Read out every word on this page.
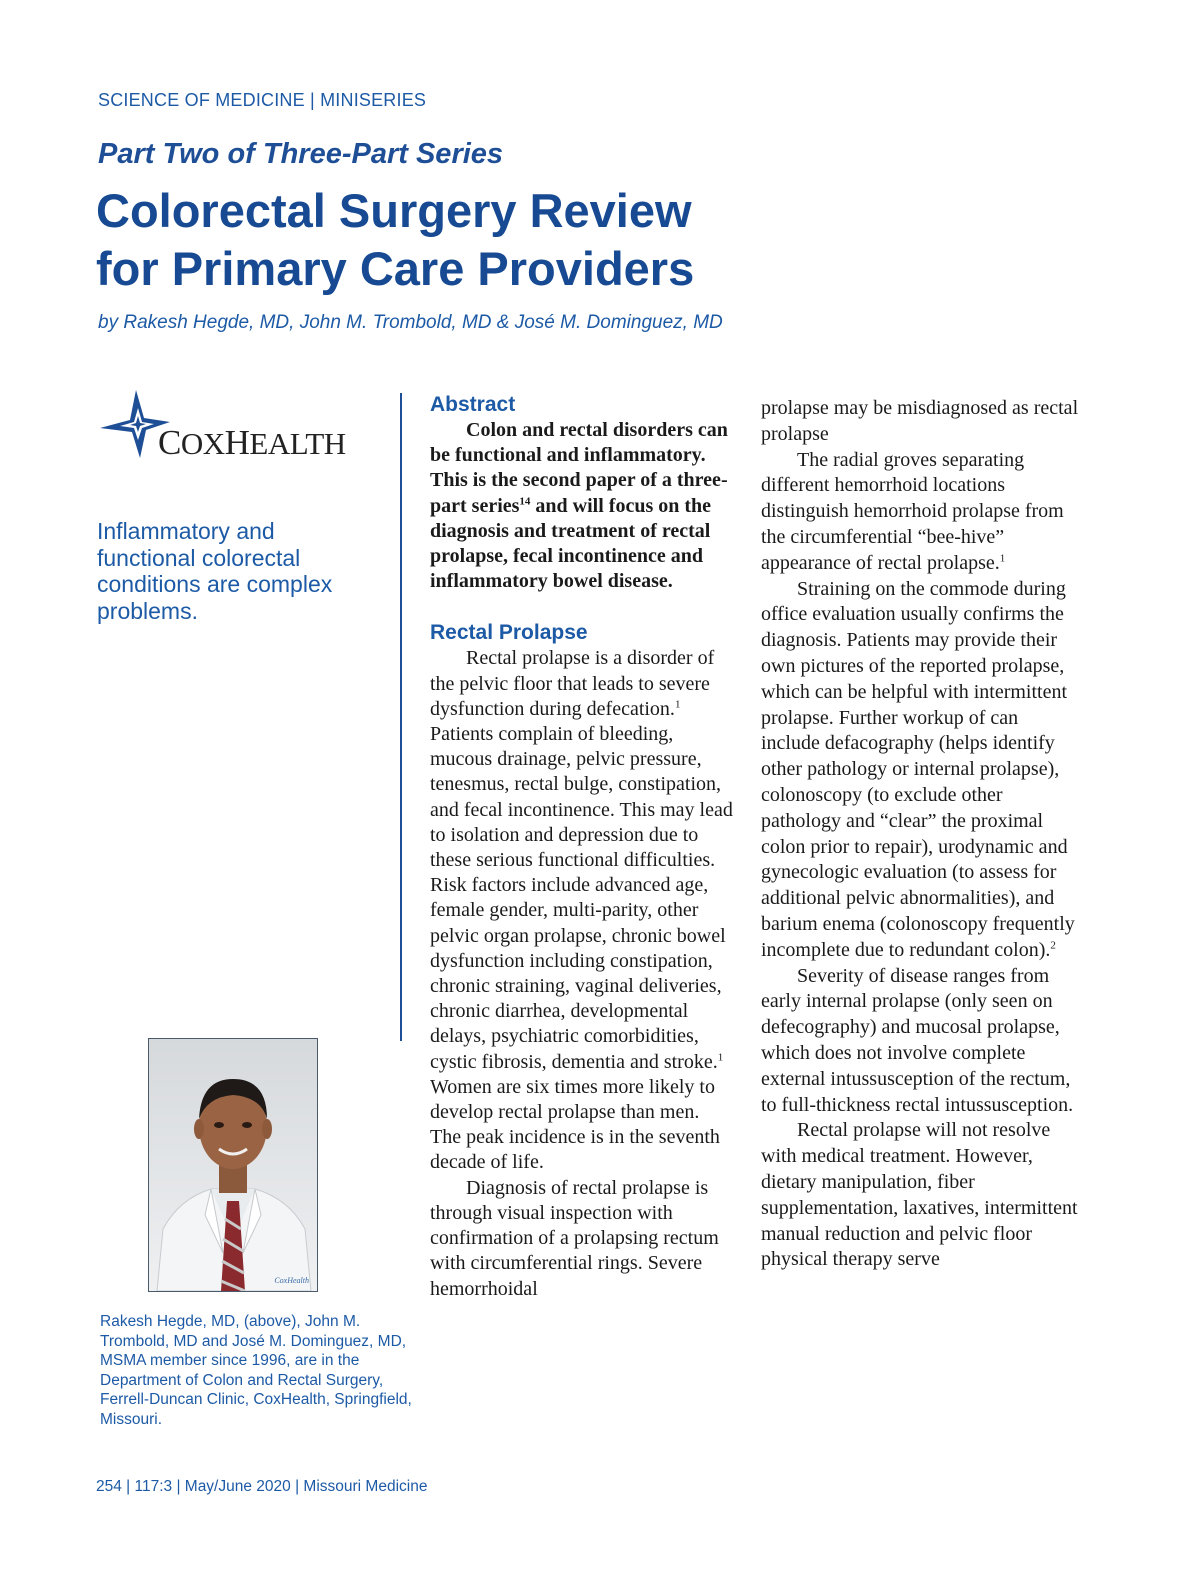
SCIENCE OF MEDICINE | MINISERIES
Part Two of Three-Part Series
Colorectal Surgery Review
for Primary Care Providers
by Rakesh Hegde, MD, John M. Trombold, MD & José M. Dominguez, MD
COXHEALTH
Inflammatory and functional colorectal conditions are complex problems.
CoxHealth
Rakesh Hegde, MD, (above), John M. Trombold, MD and José M. Dominguez, MD, MSMA member since 1996, are in the Department of Colon and Rectal Surgery, Ferrell-Duncan Clinic, CoxHealth, Springfield, Missouri.
Abstract

Colon and rectal disorders can be functional and inflammatory. This is the second paper of a three-part series$^{14}$ and will focus on the diagnosis and treatment of rectal prolapse, fecal incontinence and inflammatory bowel disease.

Rectal Prolapse

Rectal prolapse is a disorder of the pelvic floor that leads to severe dysfunction during defecation.$^1$ Patients complain of bleeding, mucous drainage, pelvic pressure, tenesmus, rectal bulge, constipation, and fecal incontinence. This may lead to isolation and depression due to these serious functional difficulties. Risk factors include advanced age, female gender, multi-parity, other pelvic organ prolapse, chronic bowel dysfunction including constipation, chronic straining, vaginal deliveries, chronic diarrhea, developmental delays, psychiatric comorbidities, cystic fibrosis, dementia and stroke.$^1$ Women are six times more likely to develop rectal prolapse than men. The peak incidence is in the seventh decade of life.

Diagnosis of rectal prolapse is through visual inspection with confirmation of a prolapsing rectum with circumferential rings. Severe hemorrhoidal

prolapse may be misdiagnosed as rectal prolapse

The radial groves separating different hemorrhoid locations distinguish hemorrhoid prolapse from the circumferential “bee-hive” appearance of rectal prolapse.$^1$

Straining on the commode during office evaluation usually confirms the diagnosis. Patients may provide their own pictures of the reported prolapse, which can be helpful with intermittent prolapse. Further workup of can include defacography (helps identify other pathology or internal prolapse), colonoscopy (to exclude other pathology and “clear” the proximal colon prior to repair), urodynamic and gynecologic evaluation (to assess for additional pelvic abnormalities), and barium enema (colonoscopy frequently incomplete due to redundant colon).$^2$

Severity of disease ranges from early internal prolapse (only seen on defecography) and mucosal prolapse, which does not involve complete external intussusception of the rectum, to full-thickness rectal intussusception.

Rectal prolapse will not resolve with medical treatment. However, dietary manipulation, fiber supplementation, laxatives, intermittent manual reduction and pelvic floor physical therapy serve

254 | 117:3 | May/June 2020 | Missouri Medicine
